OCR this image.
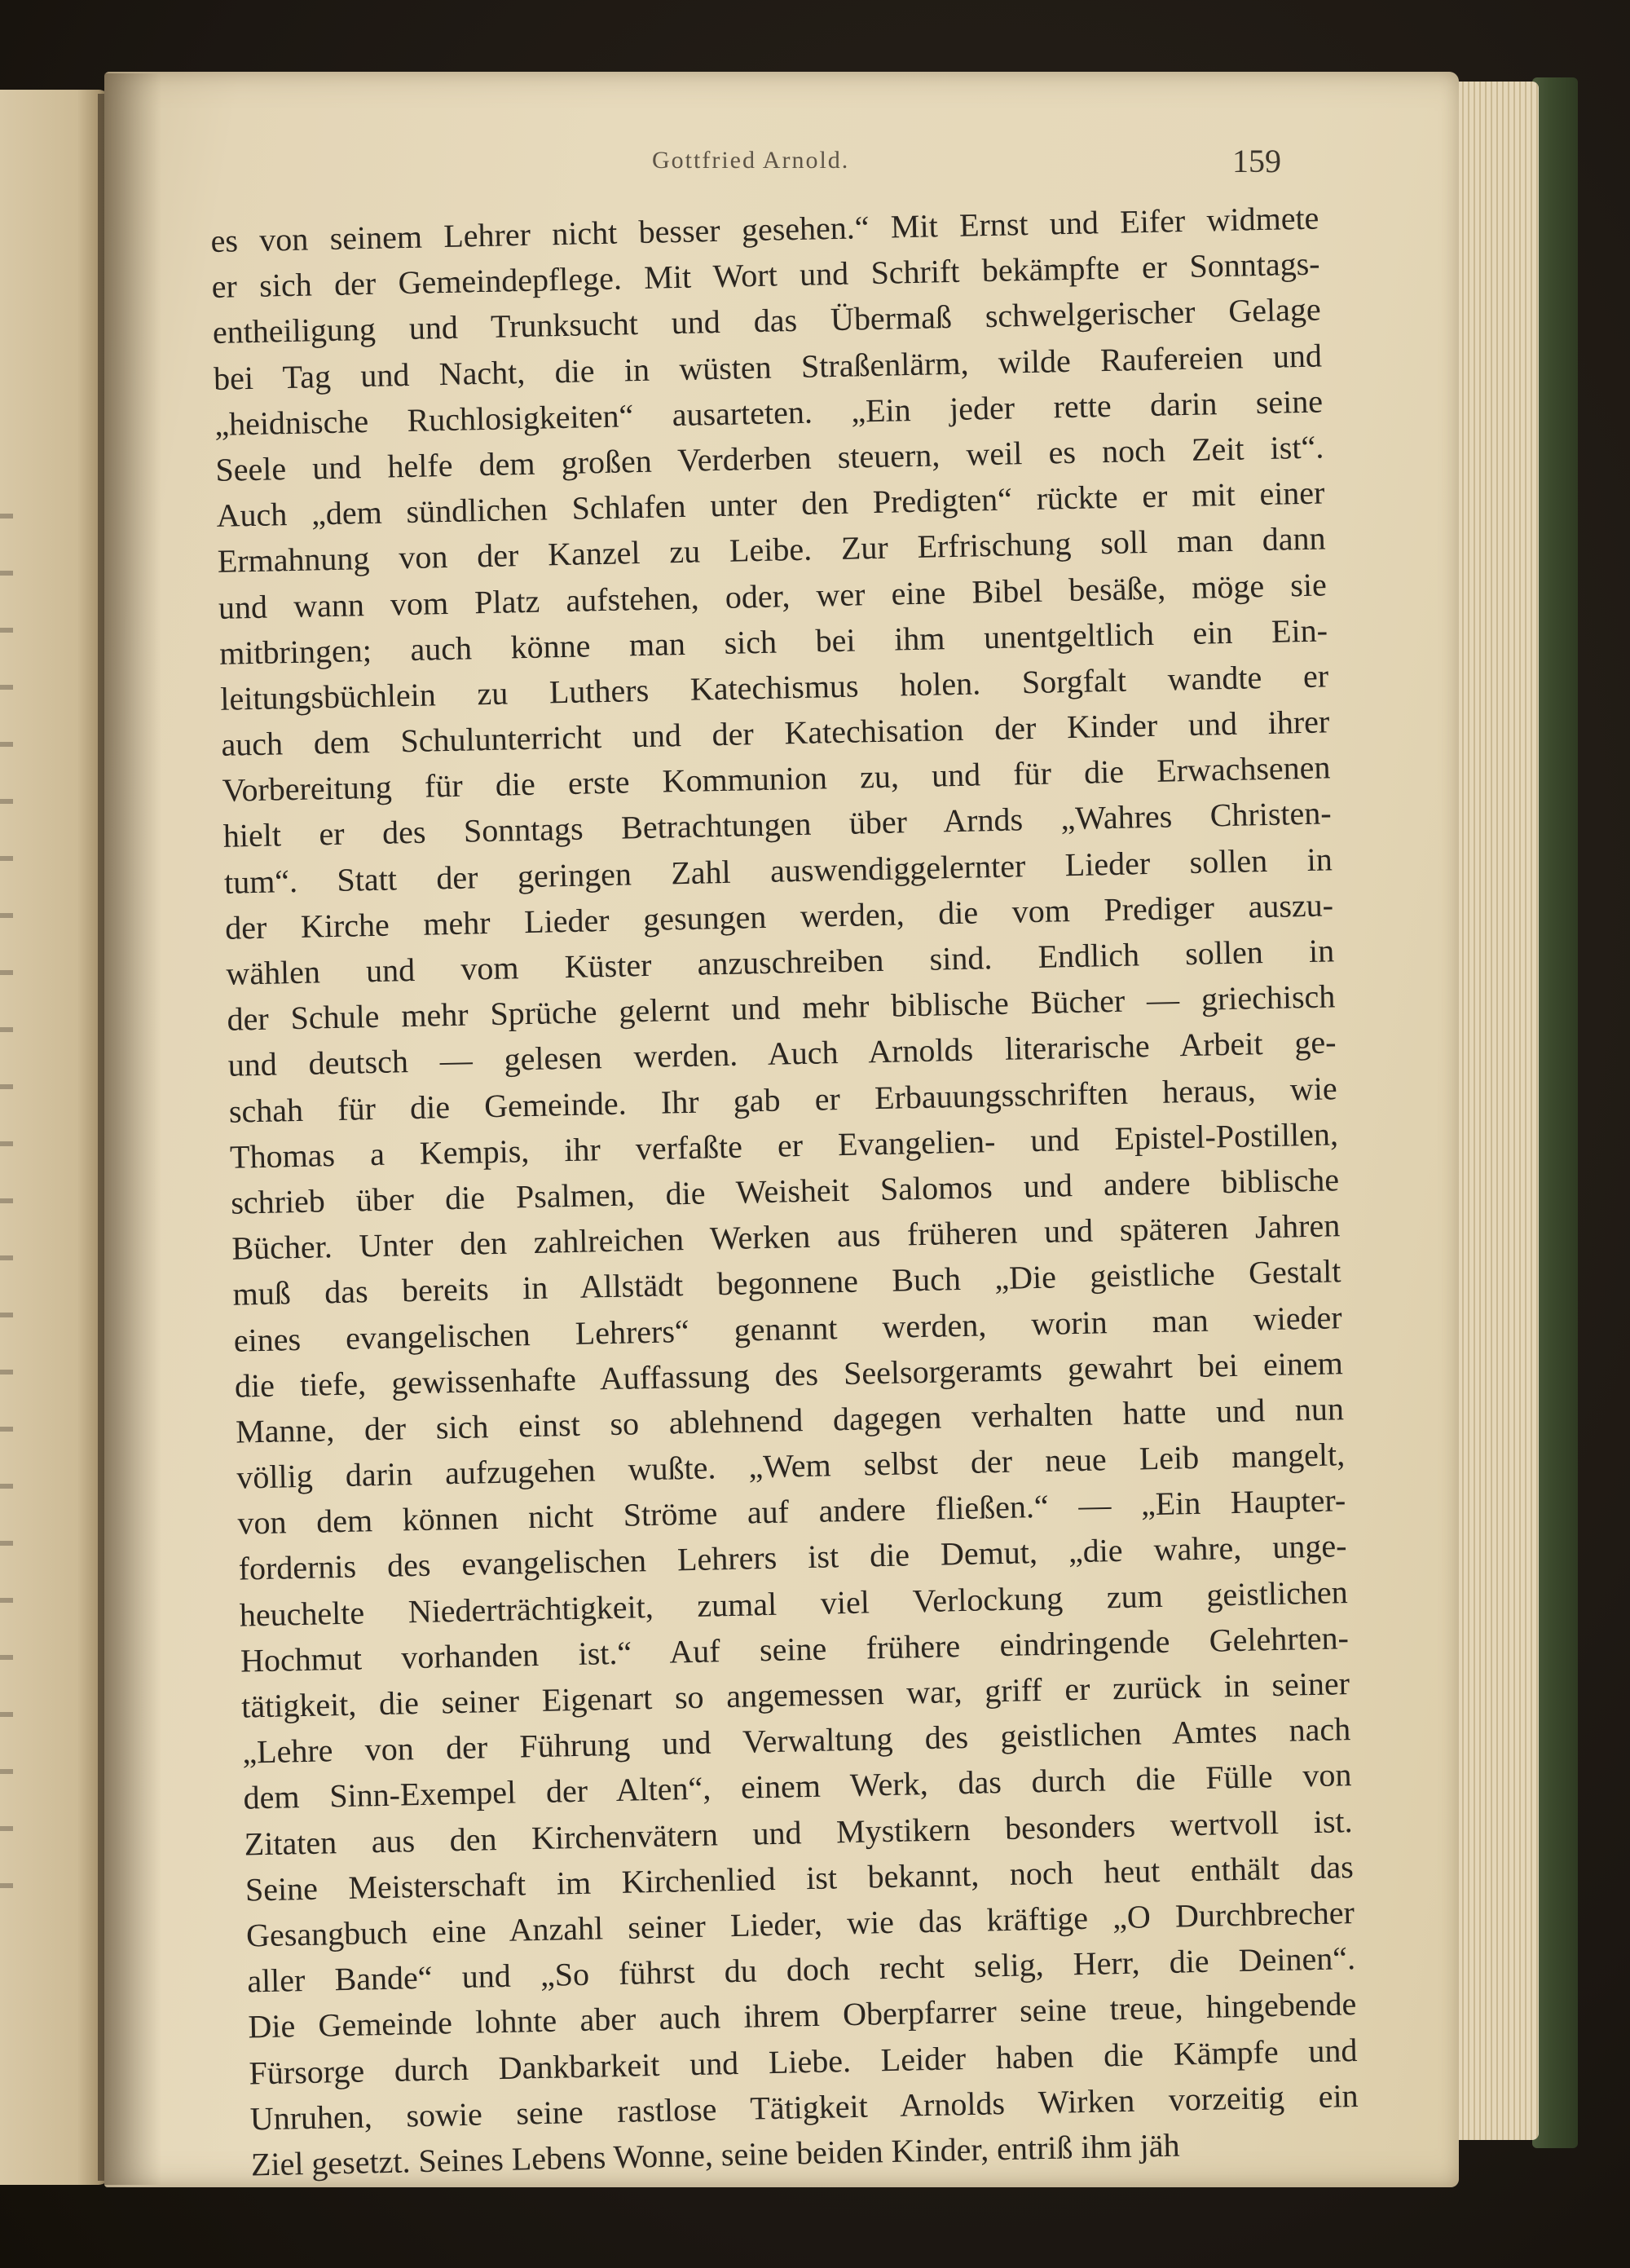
Gottfried Arnold.	159
es von seinem Lehrer nicht besser gesehen.“ Mit Ernst und Eifer widmete
er sich der Gemeindepflege. Mit Wort und Schrift bekämpfte er Sonntags-
entheiligung und Trunksucht und das Übermaß schwelgerischer Gelage
bei Tag und Nacht, die in wüsten Straßenlärm, wilde Raufereien und
„heidnische Ruchlosigkeiten“ ausarteten. „Ein jeder rette darin seine
Seele und helfe dem großen Verderben steuern, weil es noch Zeit ist“.
Auch „dem sündlichen Schlafen unter den Predigten“ rückte er mit einer
Ermahnung von der Kanzel zu Leibe. Zur Erfrischung soll man dann
und wann vom Platz aufstehen, oder, wer eine Bibel besäße, möge sie
mitbringen; auch könne man sich bei ihm unentgeltlich ein Ein-
leitungsbüchlein zu Luthers Katechismus holen. Sorgfalt wandte er
auch dem Schulunterricht und der Katechisation der Kinder und ihrer
Vorbereitung für die erste Kommunion zu, und für die Erwachsenen
hielt er des Sonntags Betrachtungen über Arnds „Wahres Christen-
tum“. Statt der geringen Zahl auswendiggelernter Lieder sollen in
der Kirche mehr Lieder gesungen werden, die vom Prediger auszu-
wählen und vom Küster anzuschreiben sind. Endlich sollen in
der Schule mehr Sprüche gelernt und mehr biblische Bücher — griechisch
und deutsch — gelesen werden. Auch Arnolds literarische Arbeit ge-
schah für die Gemeinde. Ihr gab er Erbauungsschriften heraus, wie
Thomas a Kempis, ihr verfaßte er Evangelien- und Epistel-Postillen,
schrieb über die Psalmen, die Weisheit Salomos und andere biblische
Bücher. Unter den zahlreichen Werken aus früheren und späteren Jahren
muß das bereits in Allstädt begonnene Buch „Die geistliche Gestalt
eines evangelischen Lehrers“ genannt werden, worin man wieder
die tiefe, gewissenhafte Auffassung des Seelsorgeramts gewahrt bei einem
Manne, der sich einst so ablehnend dagegen verhalten hatte und nun
völlig darin aufzugehen wußte. „Wem selbst der neue Leib mangelt,
von dem können nicht Ströme auf andere fließen.“ — „Ein Haupter-
fordernis des evangelischen Lehrers ist die Demut, „die wahre, unge-
heuchelte Niederträchtigkeit, zumal viel Verlockung zum geistlichen
Hochmut vorhanden ist.“ Auf seine frühere eindringende Gelehrten-
tätigkeit, die seiner Eigenart so angemessen war, griff er zurück in seiner
„Lehre von der Führung und Verwaltung des geistlichen Amtes nach
dem Sinn-Exempel der Alten“, einem Werk, das durch die Fülle von
Zitaten aus den Kirchenvätern und Mystikern besonders wertvoll ist.
Seine Meisterschaft im Kirchenlied ist bekannt, noch heut enthält das
Gesangbuch eine Anzahl seiner Lieder, wie das kräftige „O Durchbrecher
aller Bande“ und „So führst du doch recht selig, Herr, die Deinen“.
Die Gemeinde lohnte aber auch ihrem Oberpfarrer seine treue, hingebende
Fürsorge durch Dankbarkeit und Liebe. Leider haben die Kämpfe und
Unruhen, sowie seine rastlose Tätigkeit Arnolds Wirken vorzeitig ein
Ziel gesetzt. Seines Lebens Wonne, seine beiden Kinder, entriß ihm jäh
